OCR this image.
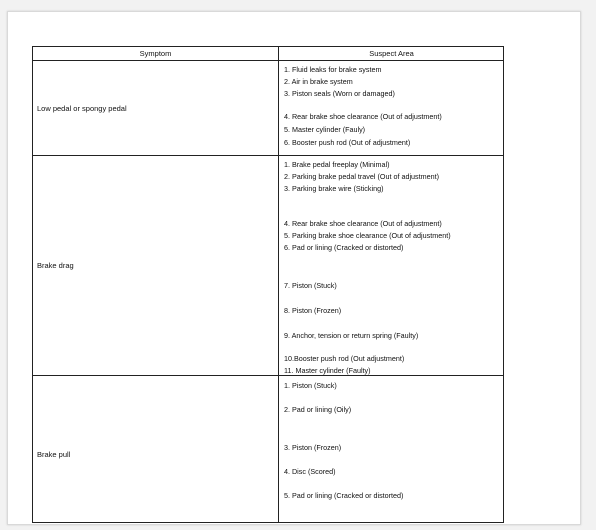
Symptom	Suspect Area
Low pedal or spongy pedal
1. Fluid leaks for brake system
2. Air in brake system
3. Piston seals (Worn or damaged)
4. Rear brake shoe clearance (Out of adjustment)
5. Master cylinder (Fauly)
6. Booster push rod (Out of adjustment)
Brake drag
1. Brake pedal freeplay (Minimal)
2. Parking brake pedal travel (Out of adjustment)
3. Parking brake wire (Sticking)
4. Rear brake shoe clearance (Out of adjustment)
5. Parking brake shoe clearance (Out of adjustment)
6. Pad or lining (Cracked or distorted)
7. Piston (Stuck)
8. Piston (Frozen)
9. Anchor, tension or return spring (Faulty)
10.Booster push rod (Out adjustment)
11. Master cylinder (Faulty)
Brake pull
1. Piston (Stuck)
2. Pad or lining (Oily)
3. Piston (Frozen)
4. Disc (Scored)
5. Pad or lining (Cracked or distorted)
